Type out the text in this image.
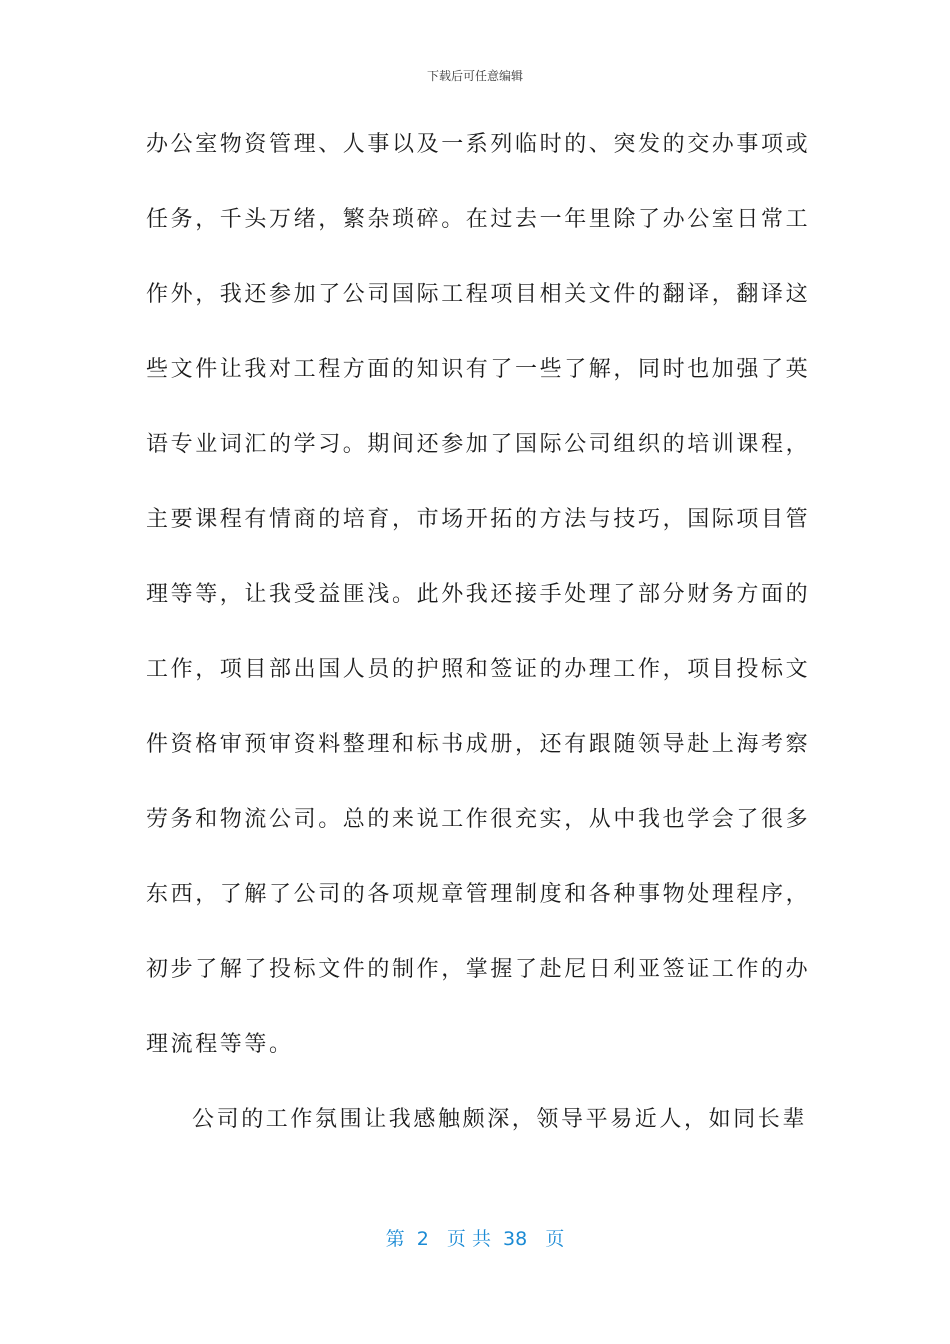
下载后可任意编辑
办公室物资管理、人事以及一系列临时的、突发的交办事项或
任务，千头万绪，繁杂琐碎。在过去一年里除了办公室日常工
作外，我还参加了公司国际工程项目相关文件的翻译，翻译这
些文件让我对工程方面的知识有了一些了解，同时也加强了英
语专业词汇的学习。期间还参加了国际公司组织的培训课程，
主要课程有情商的培育，市场开拓的方法与技巧，国际项目管
理等等，让我受益匪浅。此外我还接手处理了部分财务方面的
工作，项目部出国人员的护照和签证的办理工作，项目投标文
件资格审预审资料整理和标书成册，还有跟随领导赴上海考察
劳务和物流公司。总的来说工作很充实，从中我也学会了很多
东西，了解了公司的各项规章管理制度和各种事物处理程序，
初步了解了投标文件的制作，掌握了赴尼日利亚签证工作的办
理流程等等。
公司的工作氛围让我感触颇深，领导平易近人，如同长辈
第  2   页 共  38   页
